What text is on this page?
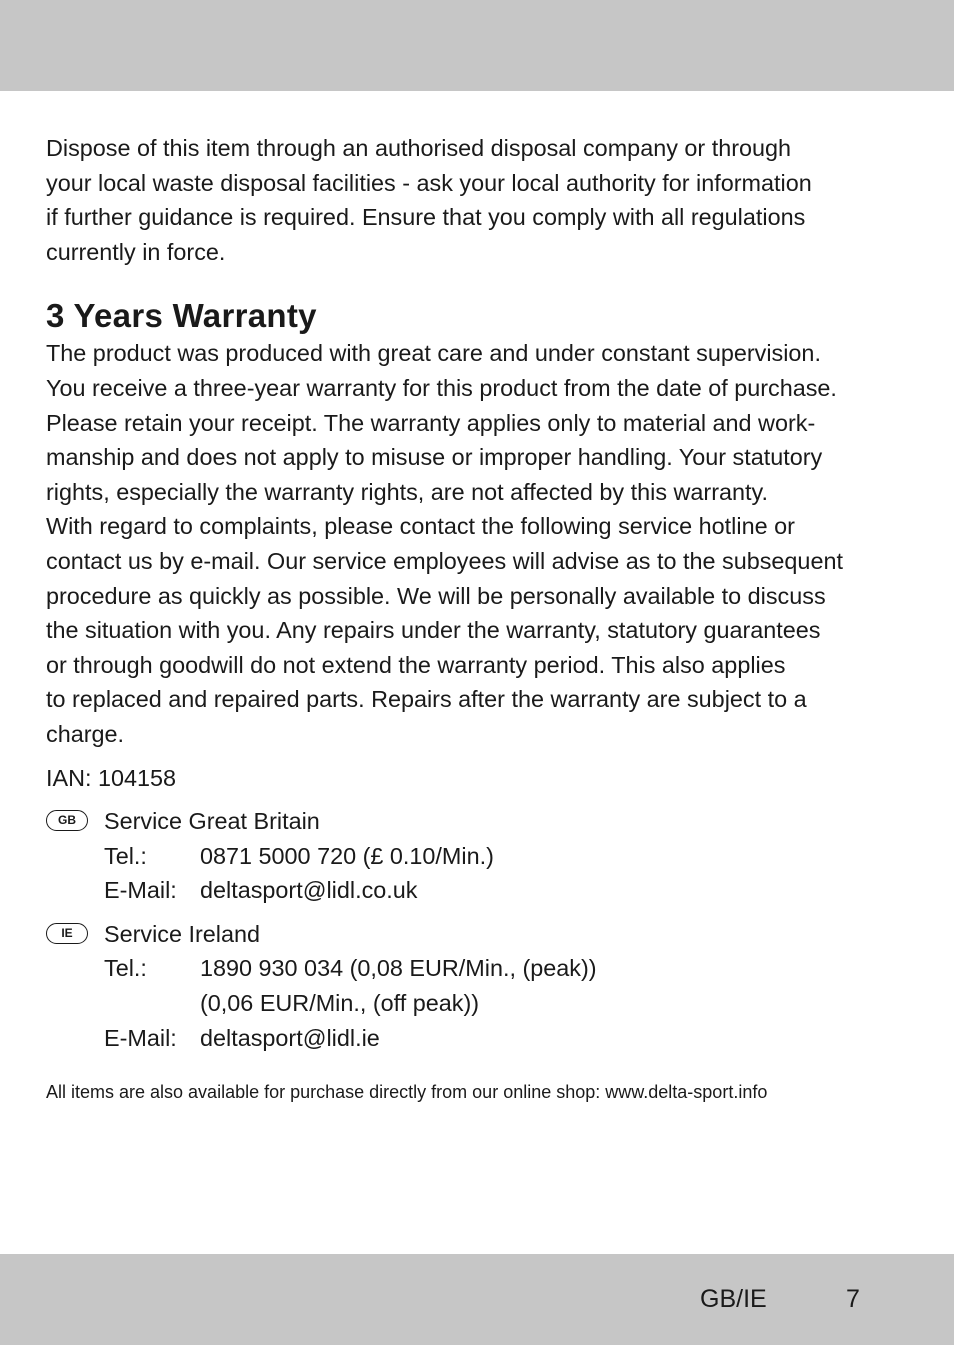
Dispose of this item through an authorised disposal company or through
your local waste disposal facilities - ask your local authority for information
if further guidance is required. Ensure that you comply with all regulations
currently in force.

3 Years Warranty

The product was produced with great care and under constant supervision.
You receive a three-year warranty for this product from the date of purchase.
Please retain your receipt. The warranty applies only to material and work-
manship and does not apply to misuse or improper handling. Your statutory
rights, especially the warranty rights, are not affected by this warranty.
With regard to complaints, please contact the following service hotline or
contact us by e-mail. Our service employees will advise as to the subsequent
procedure as quickly as possible. We will be personally available to discuss
the situation with you. Any repairs under the warranty, statutory guarantees
or through goodwill do not extend the warranty period. This also applies
to replaced and repaired parts. Repairs after the warranty are subject to a
charge.

IAN: 104158

GB	Service Great Britain
Tel.:	0871 5000 720 (£ 0.10/Min.)
E-Mail: deltasport@lidl.co.uk
IE	Service Ireland
Tel.:	1890 930 034 (0,08 EUR/Min., (peak))
(0,06 EUR/Min., (off peak))
E-Mail: deltasport@lidl.ie

All items are also available for purchase directly from our online shop: www.delta-sport.info

GB/IE	7
